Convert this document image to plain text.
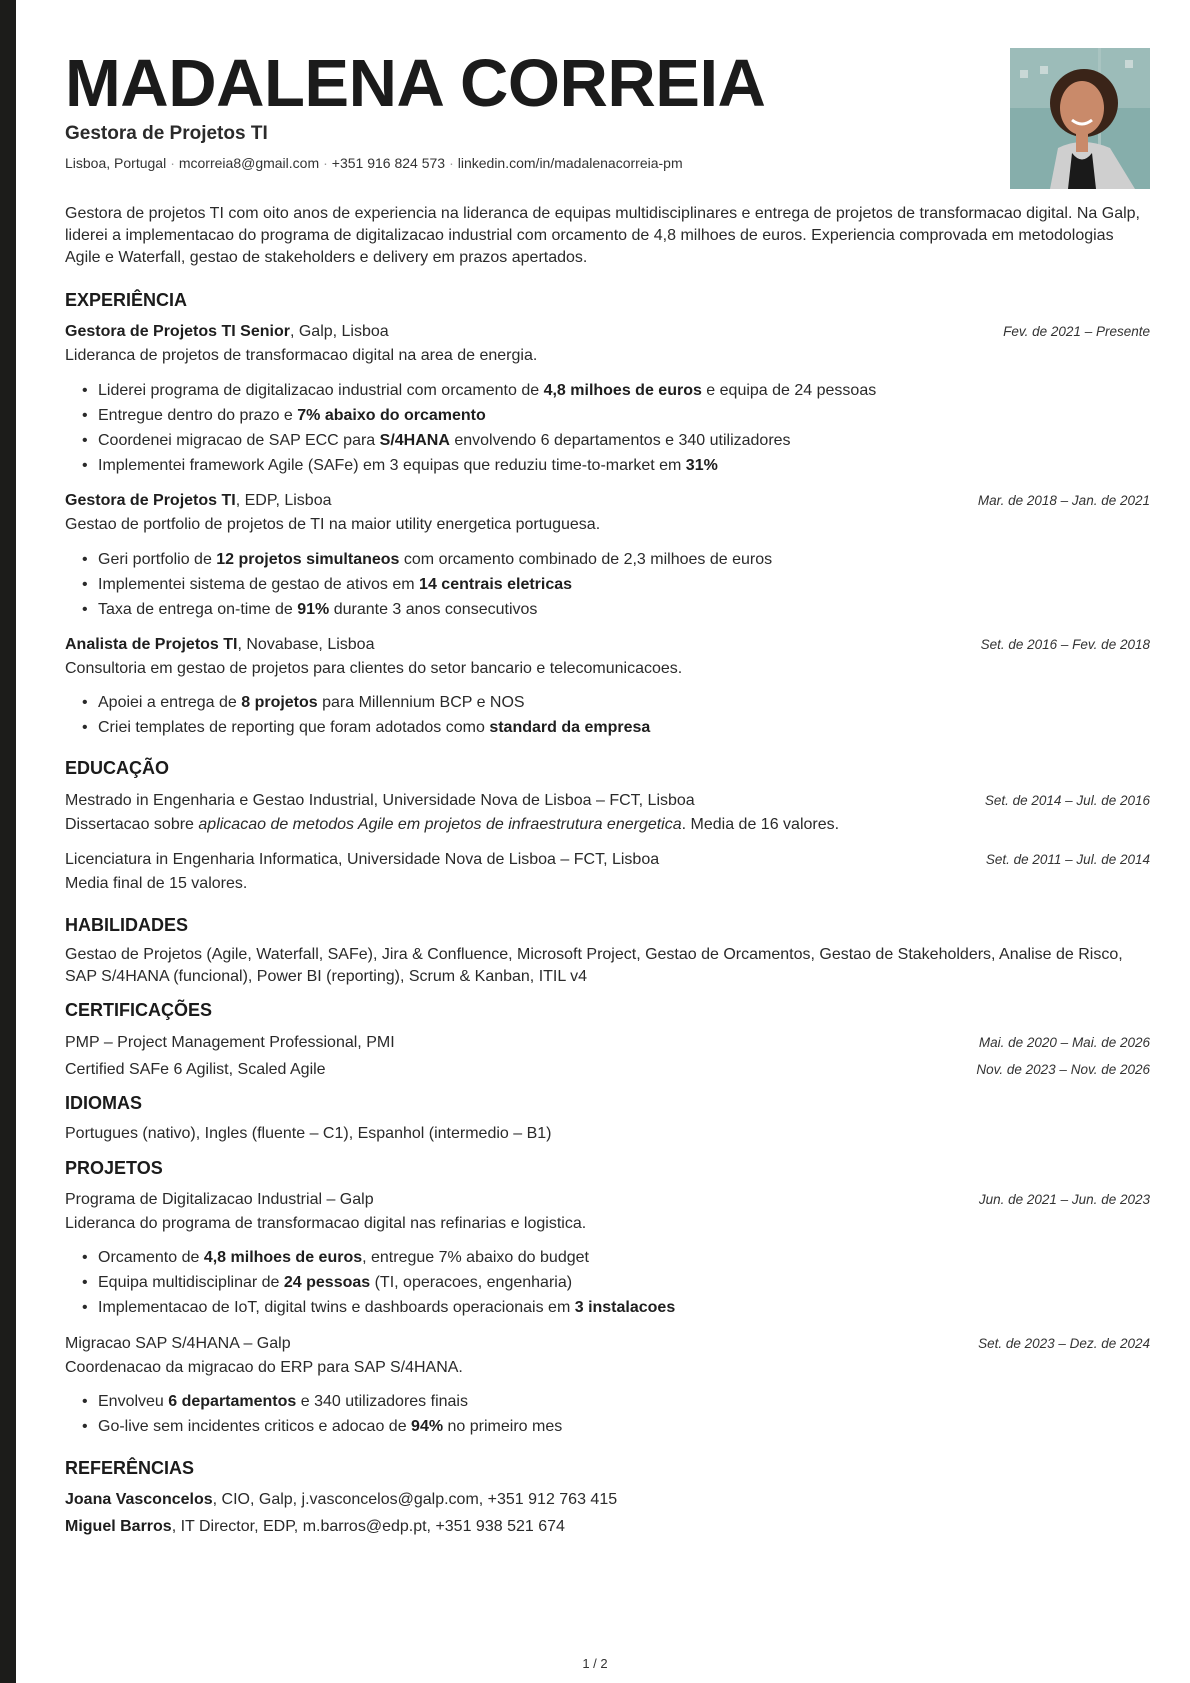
MADALENA CORREIA
Gestora de Projetos TI
Lisboa, Portugal · mcorreia8@gmail.com · +351 916 824 573 · linkedin.com/in/madalenacorreia-pm
Gestora de projetos TI com oito anos de experiencia na lideranca de equipas multidisciplinares e entrega de projetos de transformacao digital. Na Galp, liderei a implementacao do programa de digitalizacao industrial com orcamento de 4,8 milhoes de euros. Experiencia comprovada em metodologias Agile e Waterfall, gestao de stakeholders e delivery em prazos apertados.
EXPERIÊNCIA
Gestora de Projetos TI Senior, Galp, Lisboa	Fev. de 2021 – Presente
Lideranca de projetos de transformacao digital na area de energia.
• Liderei programa de digitalizacao industrial com orcamento de 4,8 milhoes de euros e equipa de 24 pessoas
• Entregue dentro do prazo e 7% abaixo do orcamento
• Coordenei migracao de SAP ECC para S/4HANA envolvendo 6 departamentos e 340 utilizadores
• Implementei framework Agile (SAFe) em 3 equipas que reduziu time-to-market em 31%
Gestora de Projetos TI, EDP, Lisboa	Mar. de 2018 – Jan. de 2021
Gestao de portfolio de projetos de TI na maior utility energetica portuguesa.
• Geri portfolio de 12 projetos simultaneos com orcamento combinado de 2,3 milhoes de euros
• Implementei sistema de gestao de ativos em 14 centrais eletricas
• Taxa de entrega on-time de 91% durante 3 anos consecutivos
Analista de Projetos TI, Novabase, Lisboa	Set. de 2016 – Fev. de 2018
Consultoria em gestao de projetos para clientes do setor bancario e telecomunicacoes.
• Apoiei a entrega de 8 projetos para Millennium BCP e NOS
• Criei templates de reporting que foram adotados como standard da empresa
EDUCAÇÃO
Mestrado in Engenharia e Gestao Industrial, Universidade Nova de Lisboa – FCT, Lisboa	Set. de 2014 – Jul. de 2016
Dissertacao sobre aplicacao de metodos Agile em projetos de infraestrutura energetica. Media de 16 valores.
Licenciatura in Engenharia Informatica, Universidade Nova de Lisboa – FCT, Lisboa	Set. de 2011 – Jul. de 2014
Media final de 15 valores.
HABILIDADES
Gestao de Projetos (Agile, Waterfall, SAFe), Jira & Confluence, Microsoft Project, Gestao de Orcamentos, Gestao de Stakeholders, Analise de Risco, SAP S/4HANA (funcional), Power BI (reporting), Scrum & Kanban, ITIL v4
CERTIFICAÇÕES
PMP – Project Management Professional, PMI	Mai. de 2020 – Mai. de 2026
Certified SAFe 6 Agilist, Scaled Agile	Nov. de 2023 – Nov. de 2026
IDIOMAS
Portugues (nativo), Ingles (fluente – C1), Espanhol (intermedio – B1)
PROJETOS
Programa de Digitalizacao Industrial – Galp	Jun. de 2021 – Jun. de 2023
Lideranca do programa de transformacao digital nas refinarias e logistica.
• Orcamento de 4,8 milhoes de euros, entregue 7% abaixo do budget
• Equipa multidisciplinar de 24 pessoas (TI, operacoes, engenharia)
• Implementacao de IoT, digital twins e dashboards operacionais em 3 instalacoes
Migracao SAP S/4HANA – Galp	Set. de 2023 – Dez. de 2024
Coordenacao da migracao do ERP para SAP S/4HANA.
• Envolveu 6 departamentos e 340 utilizadores finais
• Go-live sem incidentes criticos e adocao de 94% no primeiro mes
REFERÊNCIAS
Joana Vasconcelos, CIO, Galp, j.vasconcelos@galp.com, +351 912 763 415
Miguel Barros, IT Director, EDP, m.barros@edp.pt, +351 938 521 674
1 / 2
